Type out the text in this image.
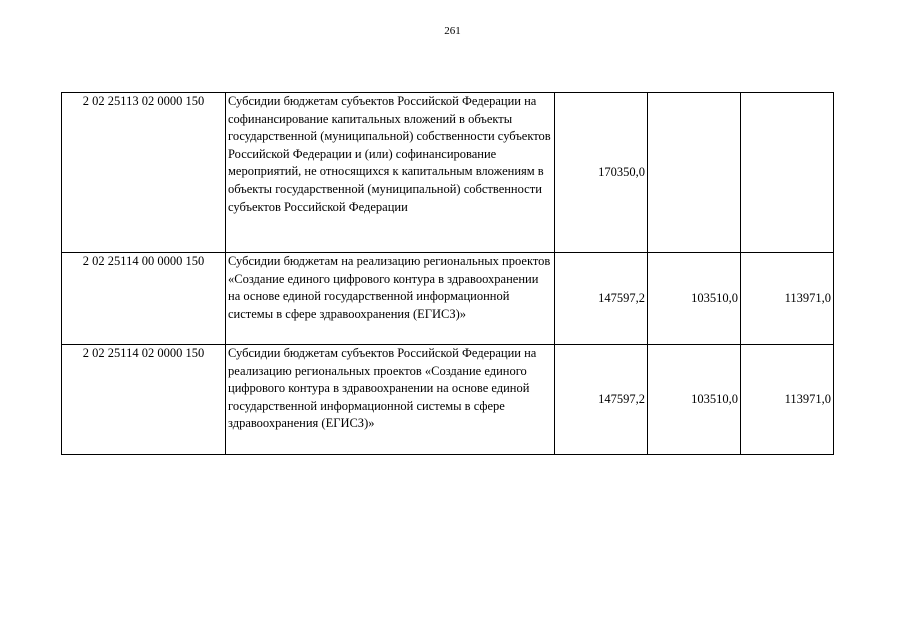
261
2 02 25113 02 0000 150	Субсидии бюджетам субъектов Российской Федерации на софинансирование капитальных вложений в объекты государственной (муниципальной) собственности субъектов Российской Федерации и (или) софинансирование мероприятий, не относящихся к капитальным вложениям в объекты государственной (муниципальной) собственности субъектов Российской Федерации	170350,0		
2 02 25114 00 0000 150	Субсидии бюджетам на реализацию региональных проектов «Создание единого цифрового контура в здравоохранении на основе единой государственной информационной системы в сфере здравоохранения (ЕГИСЗ)»	147597,2	103510,0	113971,0
2 02 25114 02 0000 150	Субсидии бюджетам субъектов Российской Федерации на реализацию региональных проектов «Создание единого цифрового контура в здравоохранении на основе единой государственной информационной системы в сфере здравоохранения (ЕГИСЗ)»	147597,2	103510,0	113971,0
